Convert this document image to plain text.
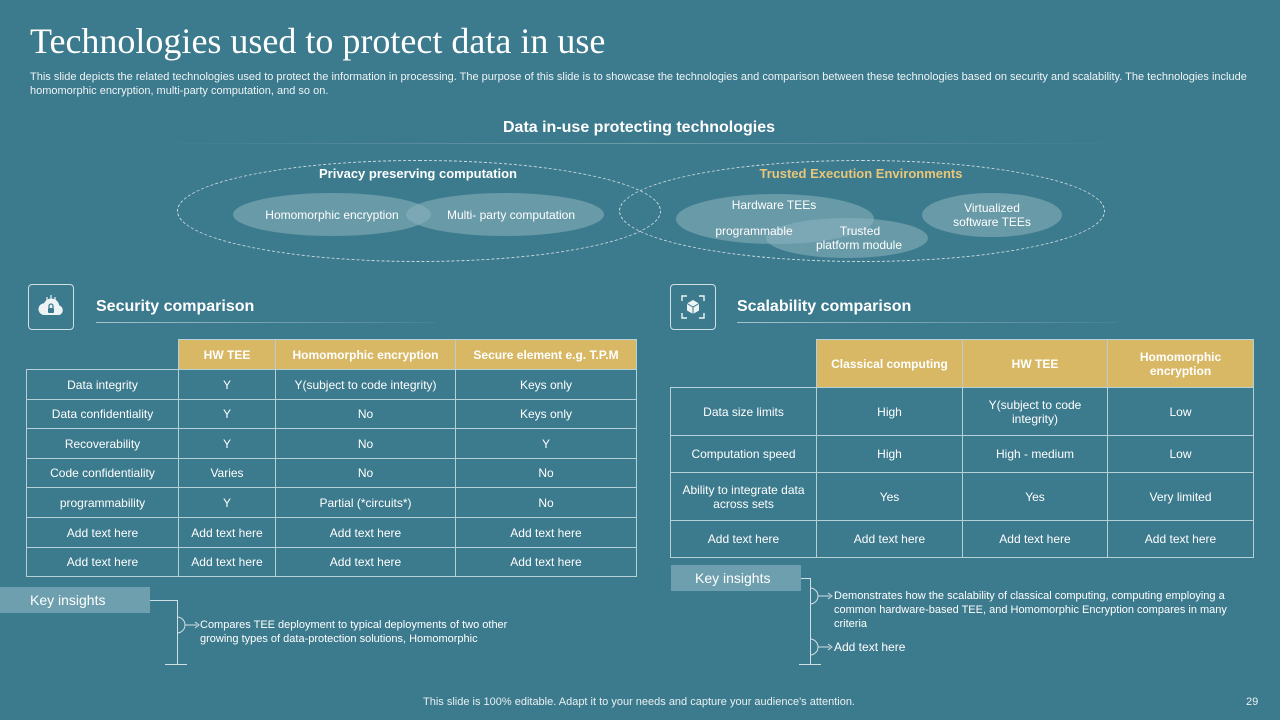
Technologies used to protect data in use
This slide depicts the related technologies used to protect the information in processing. The purpose of this slide is to showcase the technologies and comparison between these technologies based on security and scalability. The technologies include homomorphic encryption, multi-party computation, and so on.
Data in-use protecting technologies
Privacy preserving computation	Trusted Execution Environments
Homomorphic encryption	Multi- party computation
Hardware TEEs
programmable	Trusted
platform module
Virtualized
software TEEs
Security comparison
	HW TEE	Homomorphic encryption	Secure element e.g. T.P.M
Data integrity	Y	Y(subject to code integrity)	Keys only
Data confidentiality	Y	No	Keys only
Recoverability	Y	No	Y
Code confidentiality	Varies	No	No
programmability	Y	Partial (*circuits*)	No
Add text here	Add text here	Add text here	Add text here
Add text here	Add text here	Add text here	Add text here
Key insights
Compares TEE deployment to typical deployments of two other
growing types of data-protection solutions, Homomorphic
Scalability comparison
	Classical computing	HW TEE	Homomorphic encryption
Data size limits	High	Y(subject to code integrity)	Low
Computation speed	High	High - medium	Low
Ability to integrate data across sets	Yes	Yes	Very limited
Add text here	Add text here	Add text here	Add text here
Key insights
Demonstrates how the scalability of classical computing, computing employing a common hardware-based TEE, and Homomorphic Encryption compares in many criteria
Add text here
This slide is 100% editable. Adapt it to your needs and capture your audience's attention.	29
